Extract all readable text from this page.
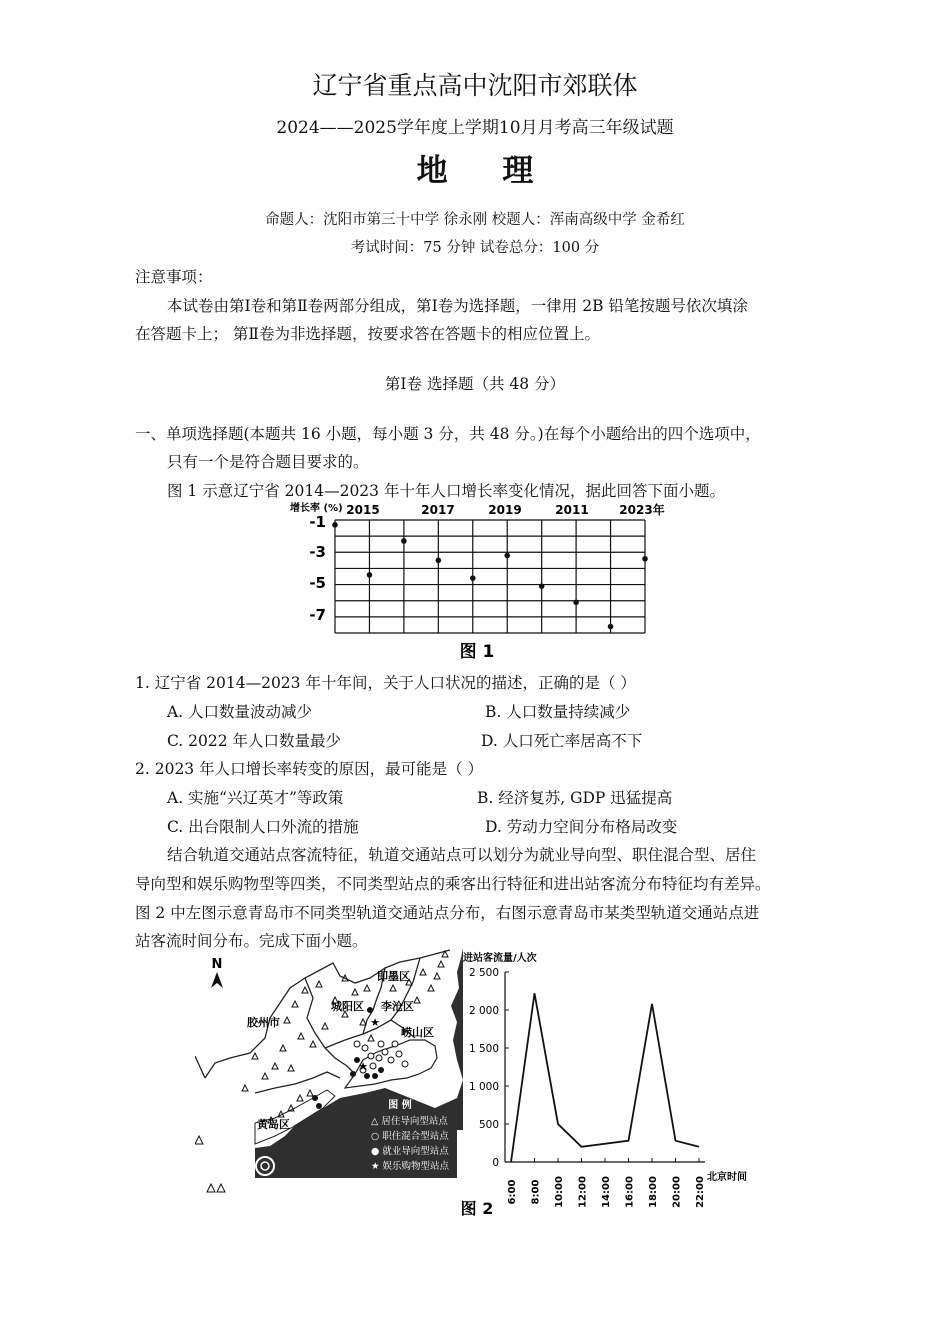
辽宁省重点高中沈阳市郊联体
2024——2025学年度上学期10月月考高三年级试题
地 理
命题人：沈阳市第三十中学 徐永刚 校题人：浑南高级中学 金希红
考试时间：75 分钟 试卷总分：100 分
注意事项：
本试卷由第Ⅰ卷和第Ⅱ卷两部分组成，第Ⅰ卷为选择题，一律用 2B 铅笔按题号依次填涂
在答题卡上； 第Ⅱ卷为非选择题，按要求答在答题卡的相应位置上。
第Ⅰ卷 选择题（共 48 分）
一、单项选择题(本题共 16 小题，每小题 3 分，共 48 分。)在每个小题给出的四个选项中，
只有一个是符合题目要求的。
图 1 示意辽宁省 2014—2023 年十年人口增长率变化情况，据此回答下面小题。
增长率 (%) 2015	2017	2019	2011	2023年
-1
-3
-5
-7
图 1
1. 辽宁省 2014—2023 年十年间，关于人口状况的描述，正确的是（ ）
A. 人口数量波动减少	B. 人口数量持续减少
C. 2022 年人口数量最少	D. 人口死亡率居高不下
2. 2023 年人口增长率转变的原因，最可能是（ ）
A. 实施“兴辽英才”等政策	B. 经济复苏, GDP 迅猛提高
C. 出台限制人口外流的措施	D. 劳动力空间分布格局改变
结合轨道交通站点客流特征，轨道交通站点可以划分为就业导向型、职住混合型、居住
导向型和娱乐购物型等四类，不同类型站点的乘客出行特征和进出站客流分布特征均有差异。
图 2 中左图示意青岛市不同类型轨道交通站点分布，右图示意青岛市某类型轨道交通站点进
站客流时间分布。完成下面小题。
N
即墨区
胶州市
城阳区 李沧区
崂山区
黄岛区
★
★
图 例
△ 居住导向型站点
○ 职住混合型站点
● 就业导向型站点
★ 娱乐购物型站点
进站客流量/人次
0
500
1 000
1 500
2 000
2 500
6:00 8:00 10:00 12:00 14:00 16:00 18:00 20:00 22:00 北京时间
图 2
